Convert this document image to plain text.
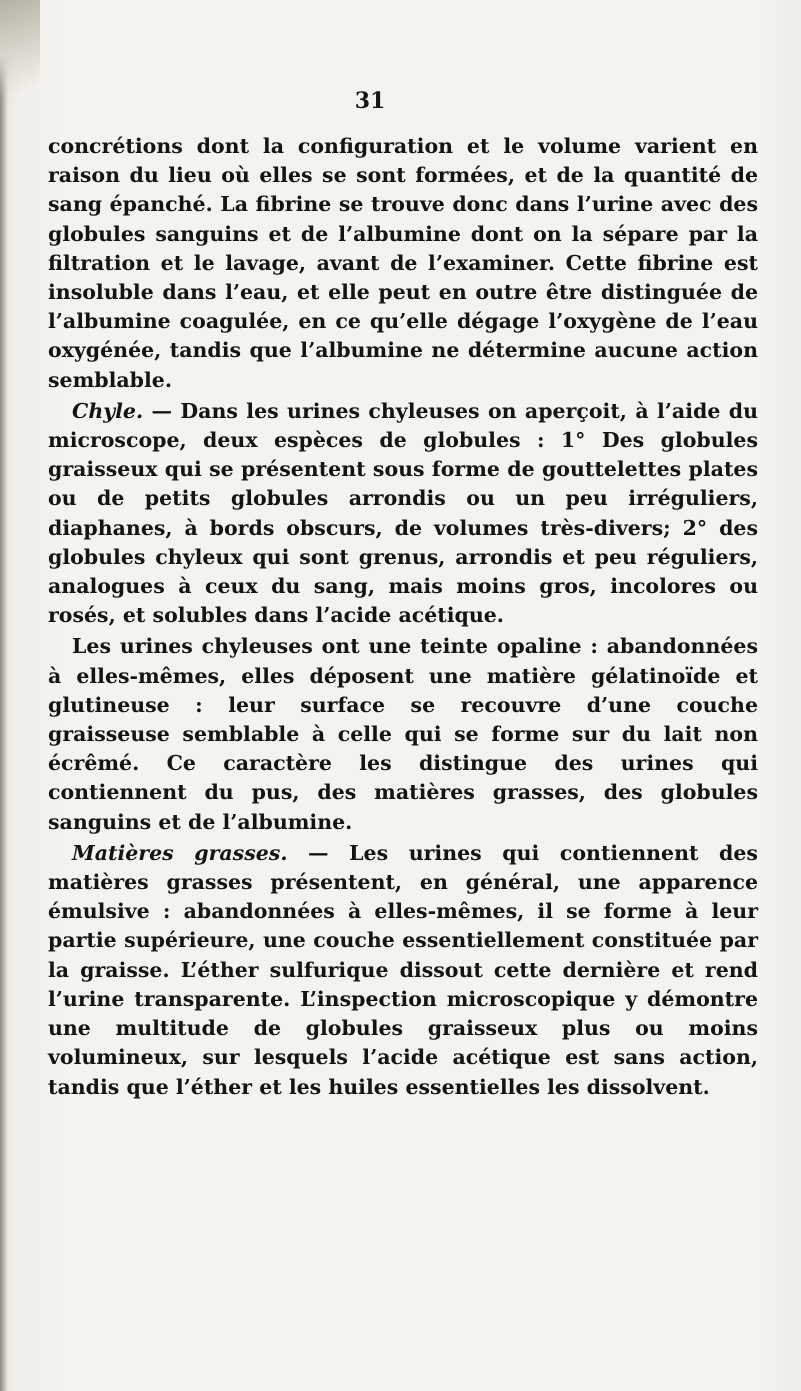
31

concrétions dont la configuration et le volume varient en raison du lieu où elles se sont formées, et de la quantité de sang épanché. La fibrine se trouve donc dans l’urine avec des globules sanguins et de l’albumine dont on la sépare par la filtration et le lavage, avant de l’examiner. Cette fibrine est insoluble dans l’eau, et elle peut en outre être distinguée de l’albumine coagulée, en ce qu’elle dégage l’oxygène de l’eau oxygénée, tandis que l’albumine ne détermine aucune action semblable.

Chyle. — Dans les urines chyleuses on aperçoit, à l’aide du microscope, deux espèces de globules : 1° Des globules graisseux qui se présentent sous forme de gouttelettes plates ou de petits globules arrondis ou un peu irréguliers, diaphanes, à bords obscurs, de volumes très-divers; 2° des globules chyleux qui sont grenus, arrondis et peu réguliers, analogues à ceux du sang, mais moins gros, incolores ou rosés, et solubles dans l’acide acétique.

Les urines chyleuses ont une teinte opaline : abandonnées à elles-mêmes, elles déposent une matière gélatinoïde et glutineuse : leur surface se recouvre d’une couche graisseuse semblable à celle qui se forme sur du lait non écrêmé. Ce caractère les distingue des urines qui contiennent du pus, des matières grasses, des globules sanguins et de l’albumine.

Matières grasses. — Les urines qui contiennent des matières grasses présentent, en général, une apparence émulsive : abandonnées à elles-mêmes, il se forme à leur partie supérieure, une couche essentiellement constituée par la graisse. L’éther sulfurique dissout cette dernière et rend l’urine transparente. L’inspection microscopique y démontre une multitude de globules graisseux plus ou moins volumineux, sur lesquels l’acide acétique est sans action, tandis que l’éther et les huiles essentielles les dissolvent.
